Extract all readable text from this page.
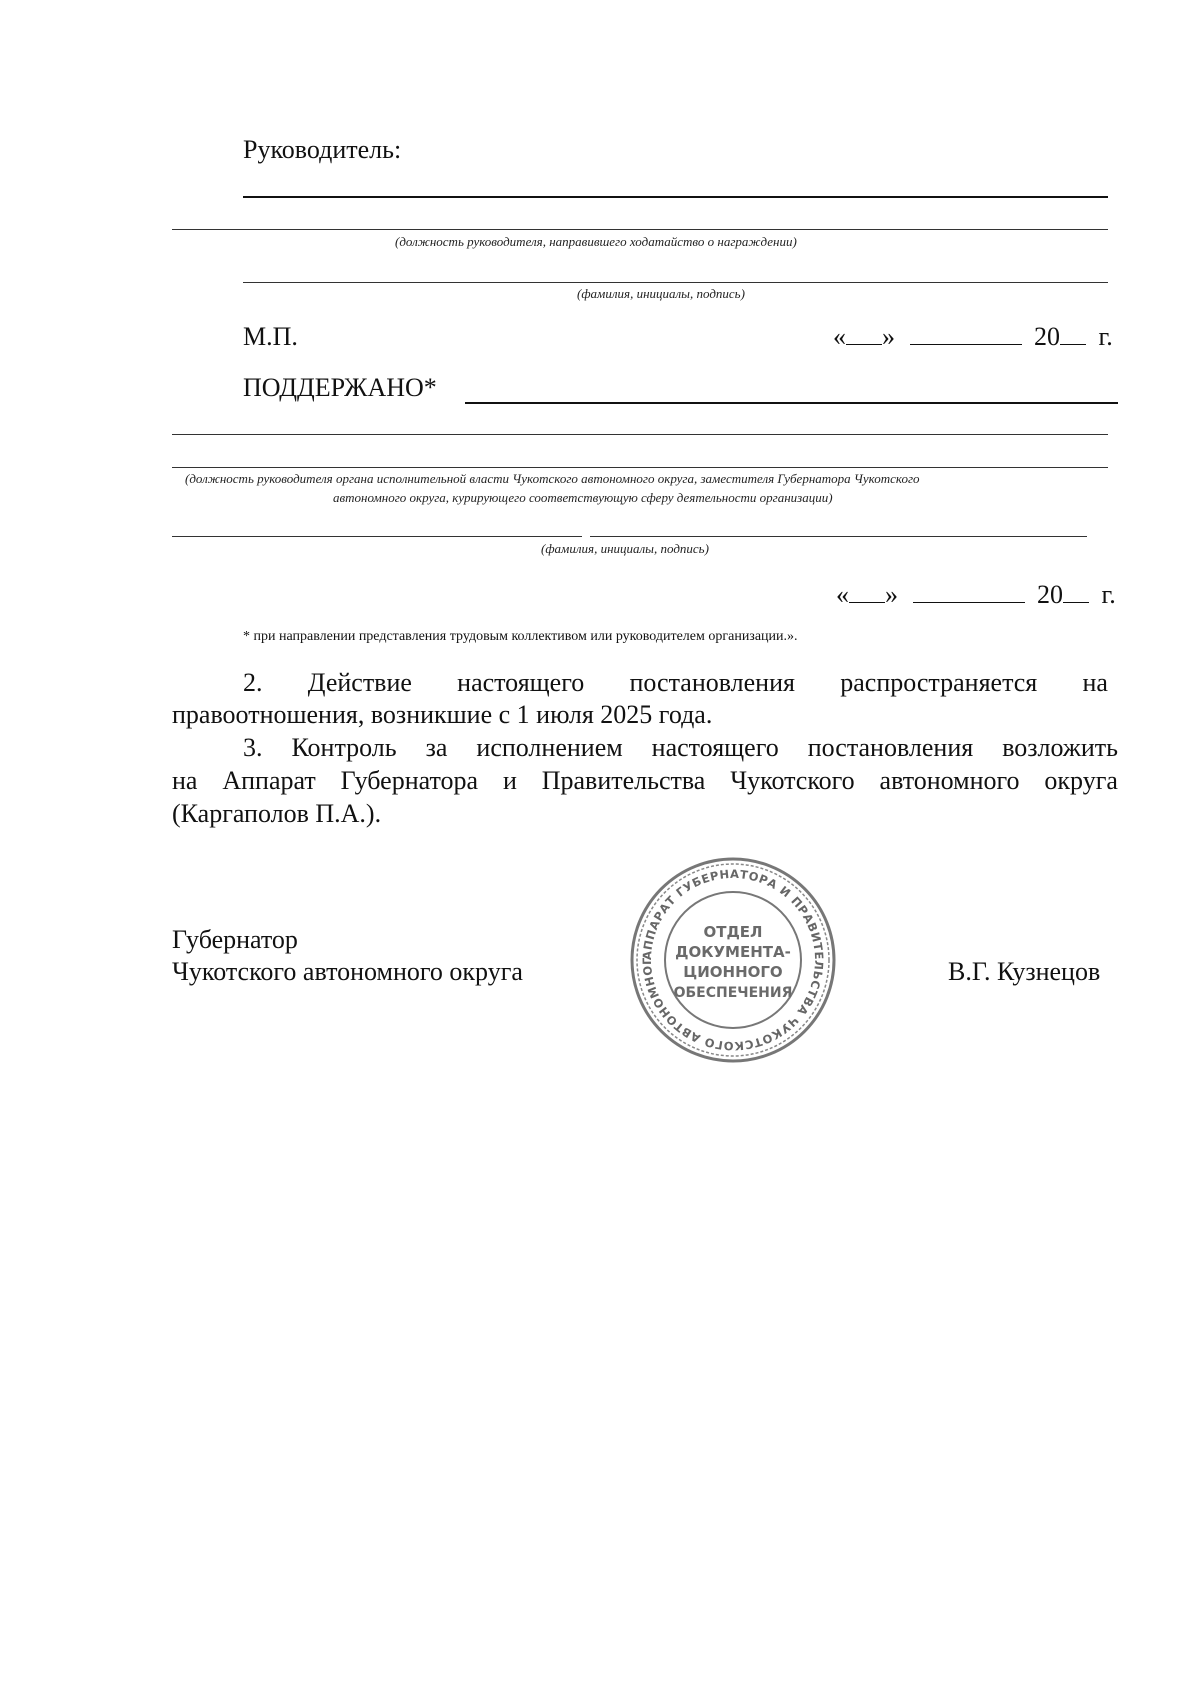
Руководитель:
(должность руководителя, направившего ходатайство о награждении)
(фамилия, инициалы, подпись)
М.П.	« »	20 г.
ПОДДЕРЖАНО*
(должность руководителя органа исполнительной власти Чукотского автономного округа, заместителя Губернатора Чукотского
автономного округа, курирующего соответствующую сферу деятельности организации)
(фамилия, инициалы, подпись)
« »	20 г.
* при направлении представления трудовым коллективом или руководителем организации.».
2. Действие настоящего постановления распространяется на
правоотношения, возникшие с 1 июля 2025 года.
3. Контроль за исполнением настоящего постановления возложить
на Аппарат Губернатора и Правительства Чукотского автономного округа
(Каргаполов П.А.).
Губернатор
Чукотского автономного округа	В.Г. Кузнецов
АППАРАТ ГУБЕРНАТОРА И ПРАВИТЕЛЬСТВА ЧУКОТСКОГО АВТОНОМНОГ
ОТДЕЛ
ДОКУМЕНТА-
ЦИОННОГО
ОБЕСПЕЧЕНИЯ
